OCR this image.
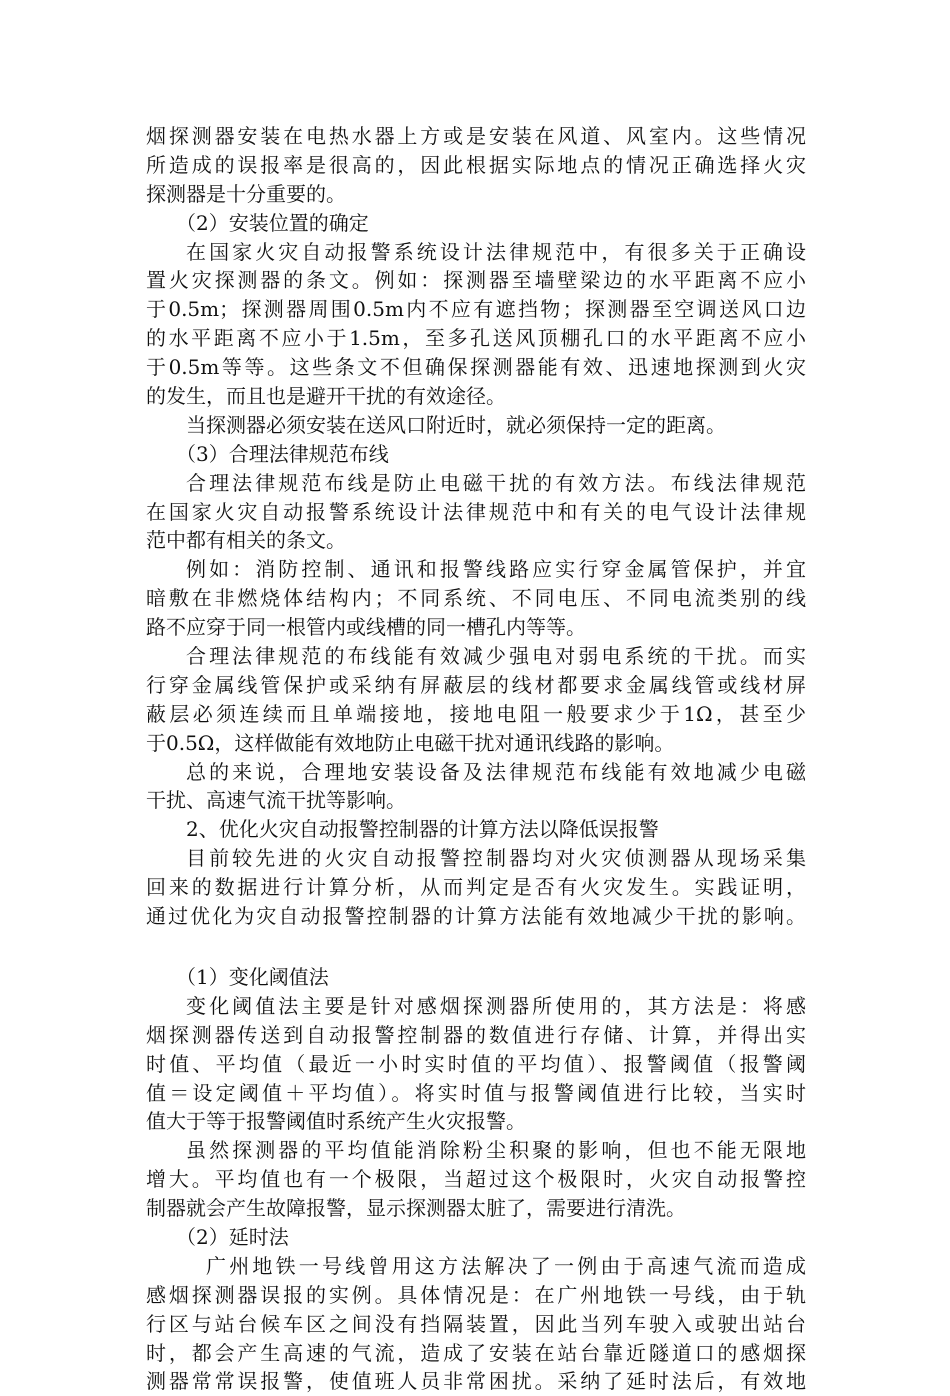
烟探测器安装在电热水器上方或是安装在风道、风室内。这些情况
所造成的误报率是很高的，因此根据实际地点的情况正确选择火灾
探测器是十分重要的。
（2）安装位置的确定
在国家火灾自动报警系统设计法律规范中，有很多关于正确设
置火灾探测器的条文。例如：探测器至墙壁梁边的水平距离不应小
于0.5m；探测器周围0.5m内不应有遮挡物；探测器至空调送风口边
的水平距离不应小于1.5m，至多孔送风顶棚孔口的水平距离不应小
于0.5m等等。这些条文不但确保探测器能有效、迅速地探测到火灾
的发生，而且也是避开干扰的有效途径。
当探测器必须安装在送风口附近时，就必须保持一定的距离。
（3）合理法律规范布线
合理法律规范布线是防止电磁干扰的有效方法。布线法律规范
在国家火灾自动报警系统设计法律规范中和有关的电气设计法律规
范中都有相关的条文。
例如：消防控制、通讯和报警线路应实行穿金属管保护，并宜
暗敷在非燃烧体结构内；不同系统、不同电压、不同电流类别的线
路不应穿于同一根管内或线槽的同一槽孔内等等。
合理法律规范的布线能有效减少强电对弱电系统的干扰。而实
行穿金属线管保护或采纳有屏蔽层的线材都要求金属线管或线材屏
蔽层必须连续而且单端接地，接地电阻一般要求少于1Ω，甚至少
于0.5Ω，这样做能有效地防止电磁干扰对通讯线路的影响。
总的来说，合理地安装设备及法律规范布线能有效地减少电磁
干扰、高速气流干扰等影响。
2、优化火灾自动报警控制器的计算方法以降低误报警
目前较先进的火灾自动报警控制器均对火灾侦测器从现场采集
回来的数据进行计算分析，从而判定是否有火灾发生。实践证明，
通过优化为灾自动报警控制器的计算方法能有效地减少干扰的影响。
（1）变化阈值法
变化阈值法主要是针对感烟探测器所使用的，其方法是：将感
烟探测器传送到自动报警控制器的数值进行存储、计算，并得出实
时值、平均值（最近一小时实时值的平均值）、报警阈值（报警阈
值＝设定阈值＋平均值）。将实时值与报警阈值进行比较，当实时
值大于等于报警阈值时系统产生火灾报警。
虽然探测器的平均值能消除粉尘积聚的影响，但也不能无限地
增大。平均值也有一个极限，当超过这个极限时，火灾自动报警控
制器就会产生故障报警，显示探测器太脏了，需要进行清洗。
（2）延时法
广州地铁一号线曾用这方法解决了一例由于高速气流而造成
感烟探测器误报的实例。具体情况是：在广州地铁一号线，由于轨
行区与站台候车区之间没有挡隔装置，因此当列车驶入或驶出站台
时，都会产生高速的气流，造成了安装在站台靠近隧道口的感烟探
测器常常误报警，使值班人员非常困扰。采纳了延时法后，有效地
